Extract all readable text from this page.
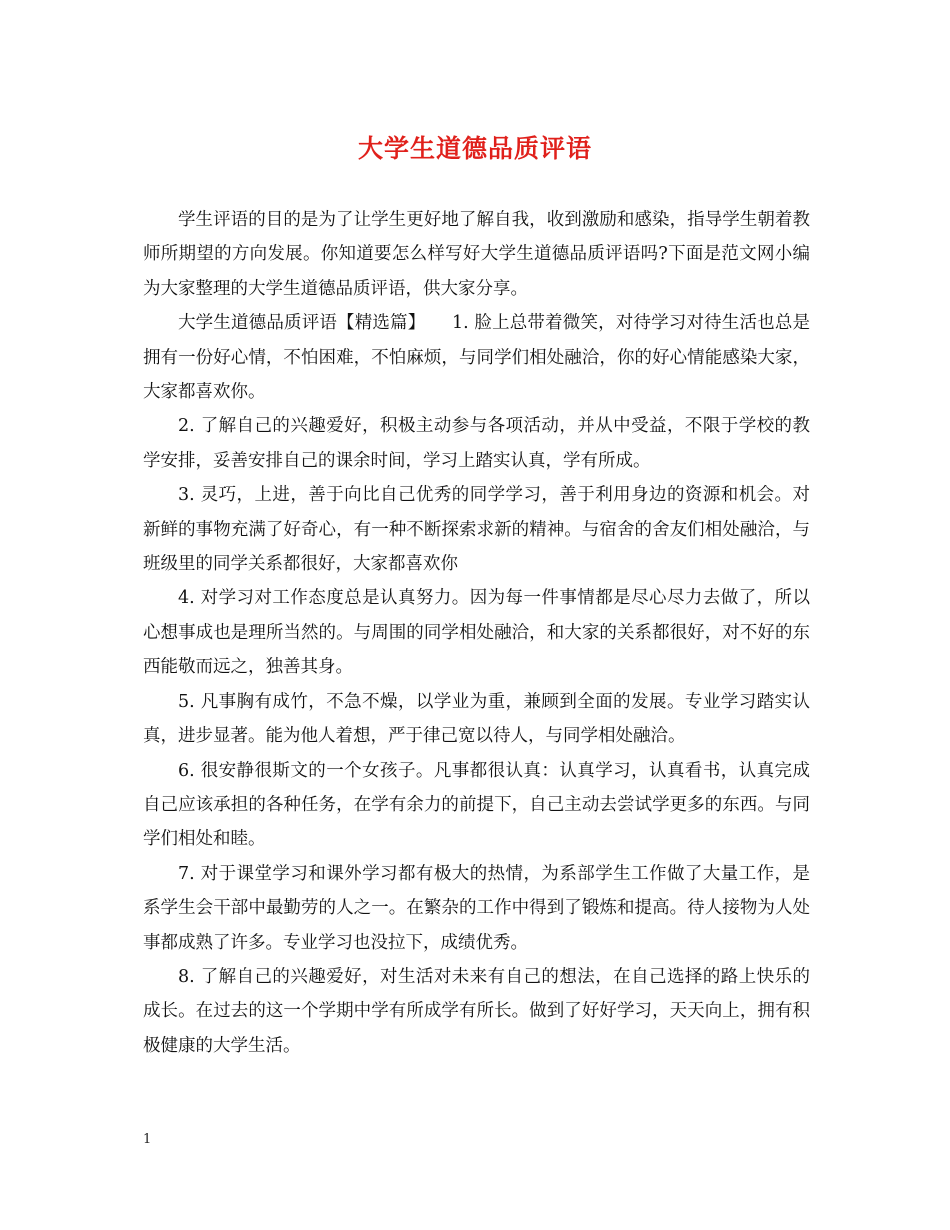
大学生道德品质评语

学生评语的目的是为了让学生更好地了解自我，收到激励和感染，指导学生朝着教师所期望的方向发展。你知道要怎么样写好大学生道德品质评语吗?下面是范文网小编为大家整理的大学生道德品质评语，供大家分享。

大学生道德品质评语【精选篇】　　1. 脸上总带着微笑，对待学习对待生活也总是拥有一份好心情，不怕困难，不怕麻烦，与同学们相处融洽，你的好心情能感染大家，大家都喜欢你。

2. 了解自己的兴趣爱好，积极主动参与各项活动，并从中受益，不限于学校的教学安排，妥善安排自己的课余时间，学习上踏实认真，学有所成。

3. 灵巧，上进，善于向比自己优秀的同学学习，善于利用身边的资源和机会。对新鲜的事物充满了好奇心，有一种不断探索求新的精神。与宿舍的舍友们相处融洽，与班级里的同学关系都很好，大家都喜欢你

4. 对学习对工作态度总是认真努力。因为每一件事情都是尽心尽力去做了，所以心想事成也是理所当然的。与周围的同学相处融洽，和大家的关系都很好，对不好的东西能敬而远之，独善其身。

5. 凡事胸有成竹，不急不燥，以学业为重，兼顾到全面的发展。专业学习踏实认真，进步显著。能为他人着想，严于律己宽以待人，与同学相处融洽。

6. 很安静很斯文的一个女孩子。凡事都很认真：认真学习，认真看书，认真完成自己应该承担的各种任务，在学有余力的前提下，自己主动去尝试学更多的东西。与同学们相处和睦。

7. 对于课堂学习和课外学习都有极大的热情，为系部学生工作做了大量工作，是系学生会干部中最勤劳的人之一。在繁杂的工作中得到了锻炼和提高。待人接物为人处事都成熟了许多。专业学习也没拉下，成绩优秀。

8. 了解自己的兴趣爱好，对生活对未来有自己的想法，在自己选择的路上快乐的成长。在过去的这一个学期中学有所成学有所长。做到了好好学习，天天向上，拥有积极健康的大学生活。

1
